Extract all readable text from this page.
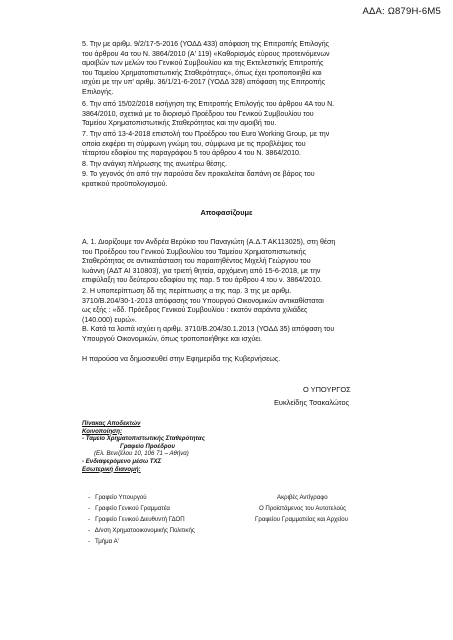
ΑΔΑ: Ω879Η-6Μ5
5. Την με αριθμ. 9/2/17-5-2016 (ΥΟΔΔ 433) απόφαση της Επιτροπής Επιλογής
του άρθρου 4α του Ν. 3864/2010 (Α' 119) «Καθορισμός εύρους προτεινόμενων
αμοιβών των μελών του Γενικού Συμβουλίου και της Εκτελεστικής Επιτροπής
του Ταμείου Χρηματοπιστωτικής Σταθερότητας», όπως έχει τροποποιηθεί και
ισχύει με την υπ' αριθμ. 36/1/21-6-2017 (ΥΟΔΔ 328) απόφαση της Επιτροπής
Επιλογής.
6. Την από 15/02/2018 εισήγηση της Επιτροπής Επιλογής του άρθρου 4Α του Ν.
3864/2010, σχετικά με το διορισμό Προέδρου του Γενικού Συμβουλίου του
Ταμείου Χρηματοπιστωτικής Σταθερότητας και την αμοιβή του.
7. Την από 13-4-2018 επιστολή του Προέδρου του Euro Working Group, με την
οποία εκφέρει τη σύμφωνη γνώμη του, σύμφωνα με τις προβλέψεις του
τέταρτου εδαφίου της παραγράφου 5 του άρθρου 4 του Ν. 3864/2010.
8. Την ανάγκη πλήρωσης της ανωτέρω θέσης.
9. Το γεγονός ότι από την παρούσα δεν προκαλείται δαπάνη σε βάρος του
κρατικού προϋπολογισμού.
Αποφασίζουμε
Α. 1. Διορίζουμε τον Ανδρέα Βερύκιο του Παναγιώτη (Α.Δ.Τ ΑΚ113025), στη θέση
του Προέδρου του Γενικού Συμβουλίου του Ταμείου Χρηματοπιστωτικής
Σταθερότητας σε αντικατάσταση του παραιτηθέντος Μιχελή Γεώργιου του
Ιωάννη (ΑΔΤ ΑΙ 310803), για τριετή θητεία, αρχόμενη από 15-6-2018, με την
επιφύλαξη του δεύτερου εδαφίου της παρ. 5 του άρθρου 4 του ν. 3864/2010.
2. Η υποπερίπτωση δδ της περίπτωσης α της παρ. 3 της με αριθμ.
3710/Β.204/30-1-2013 απόφασης του Υπουργού Οικονομικών αντικαθίσταται
ως εξής : «δδ. Πρόεδρος Γενικού Συμβουλίου : εκατόν σαράντα χιλιάδες
(140.000) ευρώ».
Β. Κατά τα λοιπά ισχύει η αριθμ. 3710/Β.204/30.1.2013 (ΥΟΔΔ 35) απόφαση του
Υπουργού Οικονομικών, όπως τροποποιήθηκε και ισχύει.
Η παρούσα να δημοσιευθεί στην Εφημερίδα της Κυβερνήσεως.
Ο ΥΠΟΥΡΓΟΣ
Ευκλείδης Τσακαλώτος
Πίνακας Αποδεκτών
Κοινοποίηση:
- Ταμείο Χρηματοπιστωτικής Σταθερότητας
Γραφείο Προέδρου
(Ελ. Βενιζέλου 10, 106 71 – Αθήνα)
- Ενδιαφερόμενο μέσω ΤΧΣ
Εσωτερική διανομή:
-   Γραφείο Υπουργού
-   Γραφείο Γενικού Γραμματέα
-   Γραφείο Γενικού Διευθυντή ΓΔΟΠ
-   Δ/νση Χρηματοοικονομικής Πολιτικής
-   Τμήμα Α'
Ακριβές Αντίγραφο
Ο Προϊστάμενος του Αυτοτελούς
Γραφείου Γραμματείας και Αρχείου
